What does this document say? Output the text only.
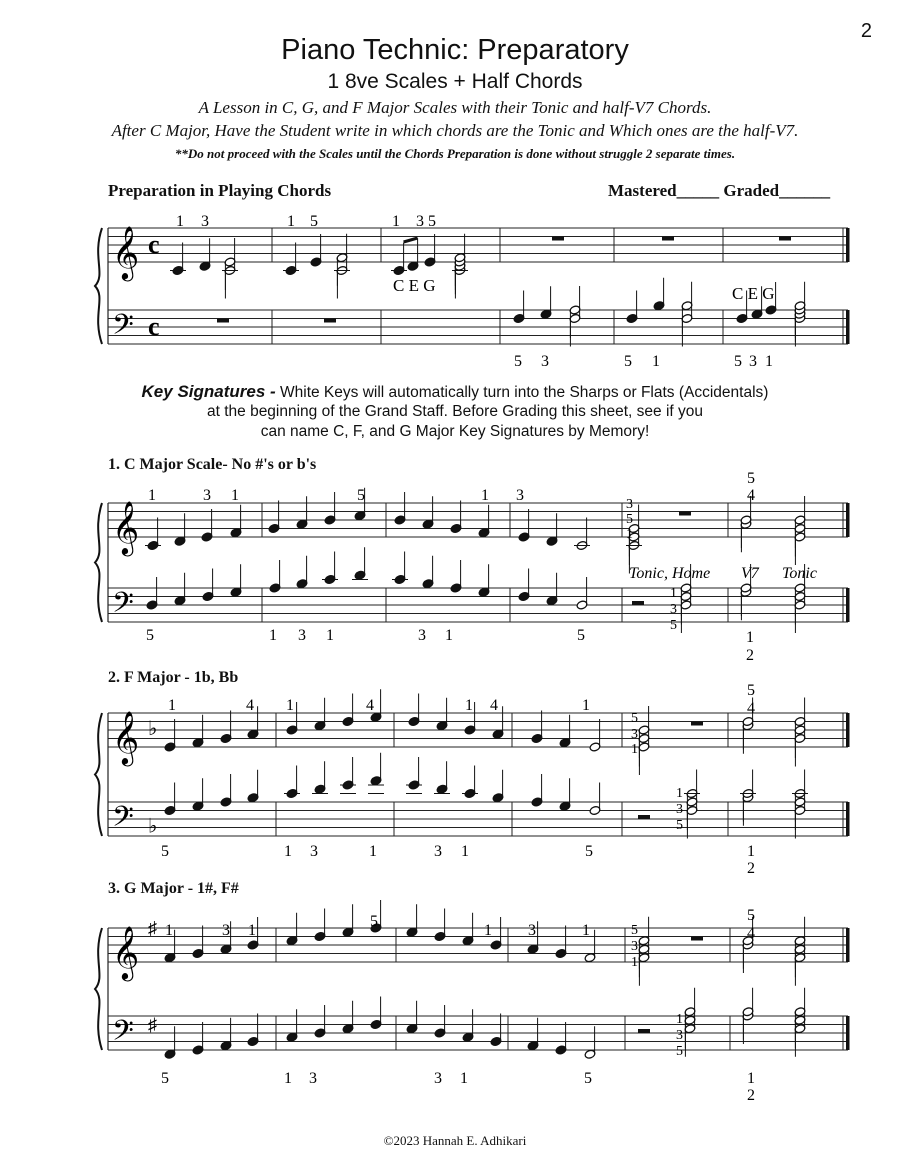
2
Piano Technic: Preparatory
1 8ve Scales + Half Chords
A Lesson in C, G, and F Major Scales with their Tonic and half-V7 Chords.
After C Major, Have the Student write in which chords are the Tonic and Which ones are the half-V7.
**Do not proceed with the Scales until the Chords Preparation is done without struggle 2 separate times.
Preparation in Playing Chords	Mastered_____ Graded______
Key Signatures - White Keys will automatically turn into the Sharps or Flats (Accidentals)
at the beginning of the Grand Staff. Before Grading this sheet, see if you
can name C, F, and G Major Key Signatures by Memory!
1. C Major Scale- No #'s or b's
2. F Major - 1b, Bb
3. G Major - 1#, F#
©2023 Hannah E. Adhikari
𝄞
𝄢
c
c
𝄞
𝄢
𝄞
𝄢
♭
♭
𝄞
𝄢
♯
♯
1 3	1 5	1 3 5
C E G	C E G
5 3	5 1	5 3 1
1	3 1	5	1 3
3
5
1
5
4
Tonic, Home V7 Tonic
5	1 3 1	3 1	5
1
3
5
1
2
1	4 1	4	1 4	1
5
3
1
5
4
5	1 3	1	3 1	5
1
3
5
1
2
1	3 1
5
1 3	1	5
3
1
5
4
5	1 3	3 1	5
1
3
5
1
2
